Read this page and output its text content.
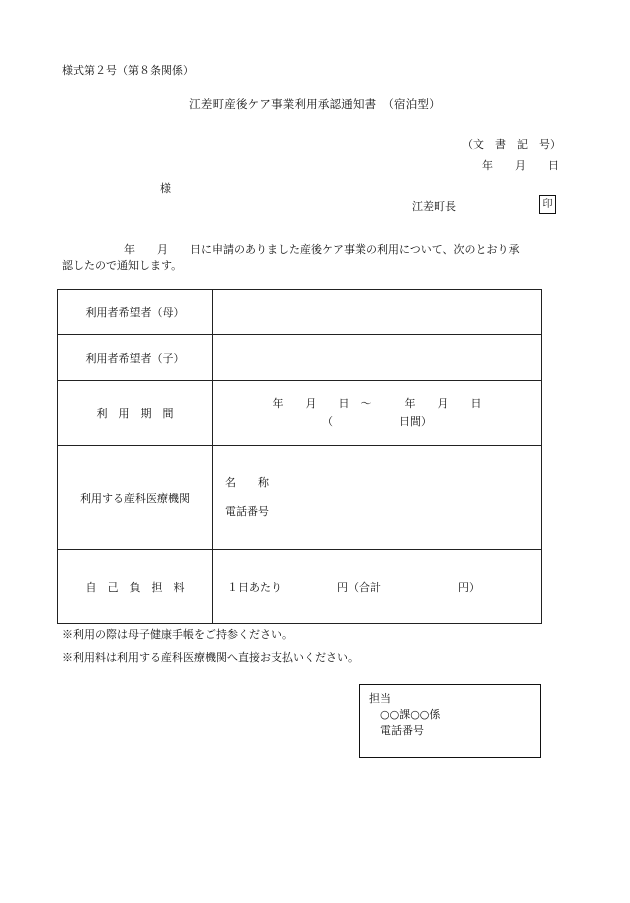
様式第２号（第８条関係）
江差町産後ケア事業利用承認通知書　（宿泊型）
（文　書　記　号）
年　　月　　日
様
江差町長	印
年　　月　　日に申請のありました産後ケア事業の利用について、次のとおり承
認したので通知します。
利用者希望者（母）	
利用者希望者（子）	
利　用　期　間	年　　月　　日　～　　　年　　月　　日
（　　　　　　日間）

利用する産科医療機関	名　　称
電話番号

自　己　負　担　料	１日あたり　　　　　円（合計　　　　　　　円）
※利用の際は母子健康手帳をご持参ください。
※利用料は利用する産科医療機関へ直接お支払いください。
担当
○○課○○係
電話番号
